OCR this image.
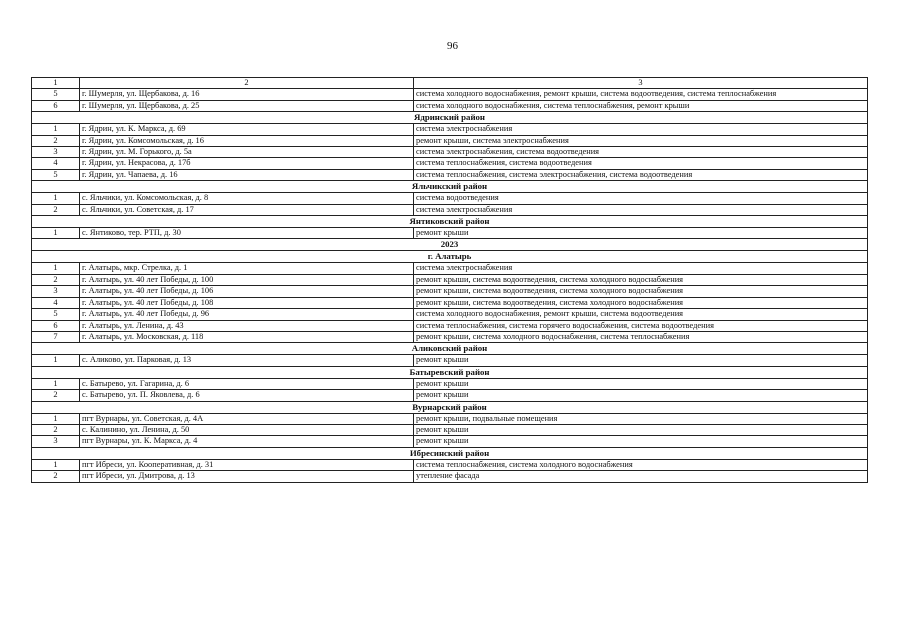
96
1	2	3
5	г. Шумерля, ул. Щербакова, д. 16	система холодного водоснабжения, ремонт крыши, система водоотведения, система теплоснабжения
6	г. Шумерля, ул. Щербакова, д. 25	система холодного водоснабжения, система теплоснабжения, ремонт крыши
Ядринский район		
1	г. Ядрин, ул. К. Маркса, д. 69	система электроснабжения
2	г. Ядрин, ул. Комсомольская, д. 16	ремонт крыши, система электроснабжения
3	г. Ядрин, ул. М. Горького, д. 5а	система электроснабжения, система водоотведения
4	г. Ядрин, ул. Некрасова, д. 17б	система теплоснабжения, система водоотведения
5	г. Ядрин, ул. Чапаева, д. 16	система теплоснабжения, система электроснабжения, система водоотведения
Яльчикский район		
1	с. Яльчики, ул. Комсомольская, д. 8	система водоотведения
2	с. Яльчики, ул. Советская, д. 17	система электроснабжения
Янтиковский район		
1	с. Янтиково, тер. РТП, д. 30	ремонт крыши
2023		
г. Алатырь		
1	г. Алатырь, мкр. Стрелка, д. 1	система электроснабжения
2	г. Алатырь, ул. 40 лет Победы, д. 100	ремонт крыши, система водоотведения, система холодного водоснабжения
3	г. Алатырь, ул. 40 лет Победы, д. 106	ремонт крыши, система водоотведения, система холодного водоснабжения
4	г. Алатырь, ул. 40 лет Победы, д. 108	ремонт крыши, система водоотведения, система холодного водоснабжения
5	г. Алатырь, ул. 40 лет Победы, д. 96	система холодного водоснабжения, ремонт крыши, система водоотведения
6	г. Алатырь, ул. Ленина, д. 43	система теплоснабжения, система горячего водоснабжения, система водоотведения
7	г. Алатырь, ул. Московская, д. 118	ремонт крыши, система холодного водоснабжения, система теплоснабжения
Аликовский район		
1	с. Аликово, ул. Парковая, д. 13	ремонт крыши
Батыревский район		
1	с. Батырево, ул. Гагарина, д. 6	ремонт крыши
2	с. Батырево, ул. П. Яковлева, д. 6	ремонт крыши
Вурнарский район		
1	пгт Вурнары, ул. Советская, д. 4А	ремонт крыши, подвальные помещения
2	с. Калинино, ул. Ленина, д. 50	ремонт крыши
3	пгт Вурнары, ул. К. Маркса, д. 4	ремонт крыши
Ибресинский район		
1	пгт Ибреси, ул. Кооперативная, д. 31	система теплоснабжения, система холодного водоснабжения
2	пгт Ибреси, ул. Дмитрова, д. 13	утепление фасада
